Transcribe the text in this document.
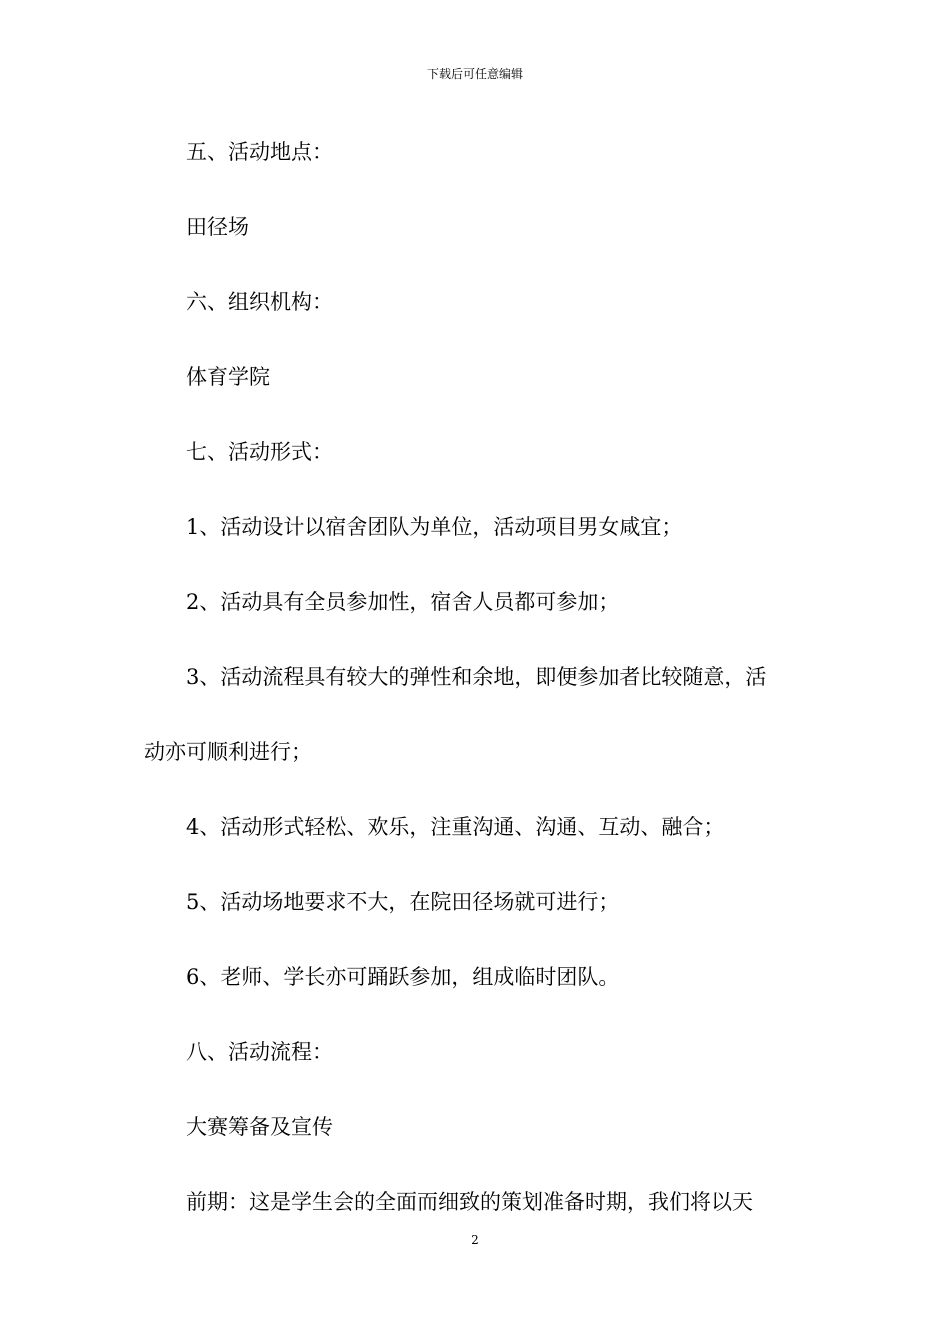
下载后可任意编辑

五、活动地点：

田径场

六、组织机构：

体育学院

七、活动形式：

1、活动设计以宿舍团队为单位，活动项目男女咸宜；

2、活动具有全员参加性，宿舍人员都可参加；

3、活动流程具有较大的弹性和余地，即便参加者比较随意，活

动亦可顺利进行；

4、活动形式轻松、欢乐，注重沟通、沟通、互动、融合；

5、活动场地要求不大，在院田径场就可进行；

6、老师、学长亦可踊跃参加，组成临时团队。

八、活动流程：

大赛筹备及宣传

前期：这是学生会的全面而细致的策划准备时期，我们将以天

2
